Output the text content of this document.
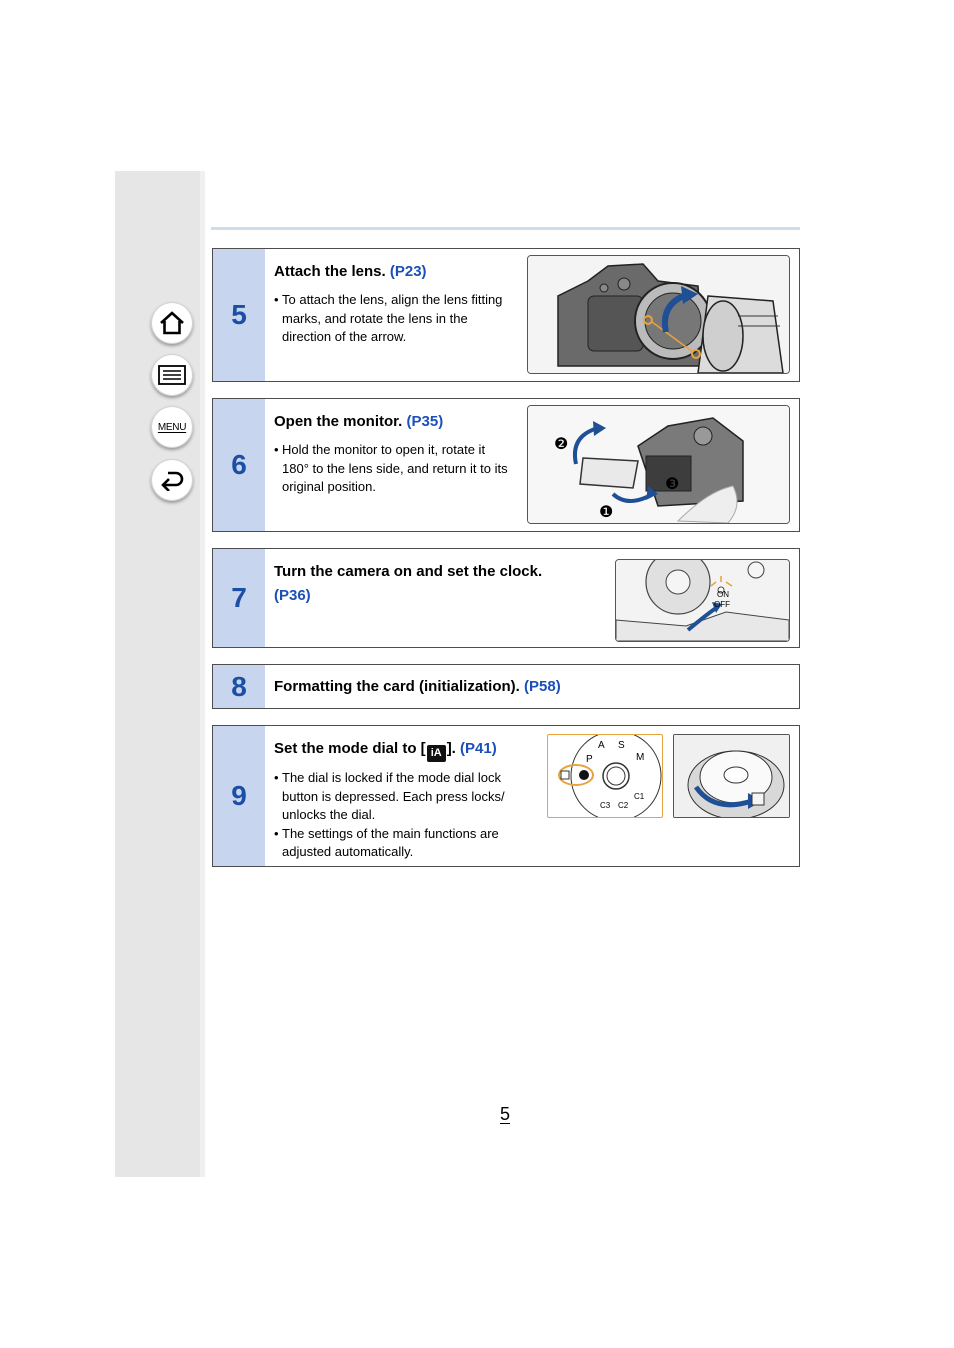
MENU
5
Attach the lens. (P23)
• To attach the lens, align the lens fitting marks, and rotate the lens in the direction of the arrow.
6
Open the monitor. (P35)
• Hold the monitor to open it, rotate it 180° to the lens side, and return it to its original position.
❷
❸
❶
7
Turn the camera on and set the clock.
(P36)	ON
OFF
8	Formatting the card (initialization). (P58)
9
Set the mode dial to [ iA ]. (P41)
• The dial is locked if the mode dial lock button is depressed. Each press locks/ unlocks the dial.
• The settings of the main functions are adjusted automatically.
P
A S
M
C1
C2
C3
5
